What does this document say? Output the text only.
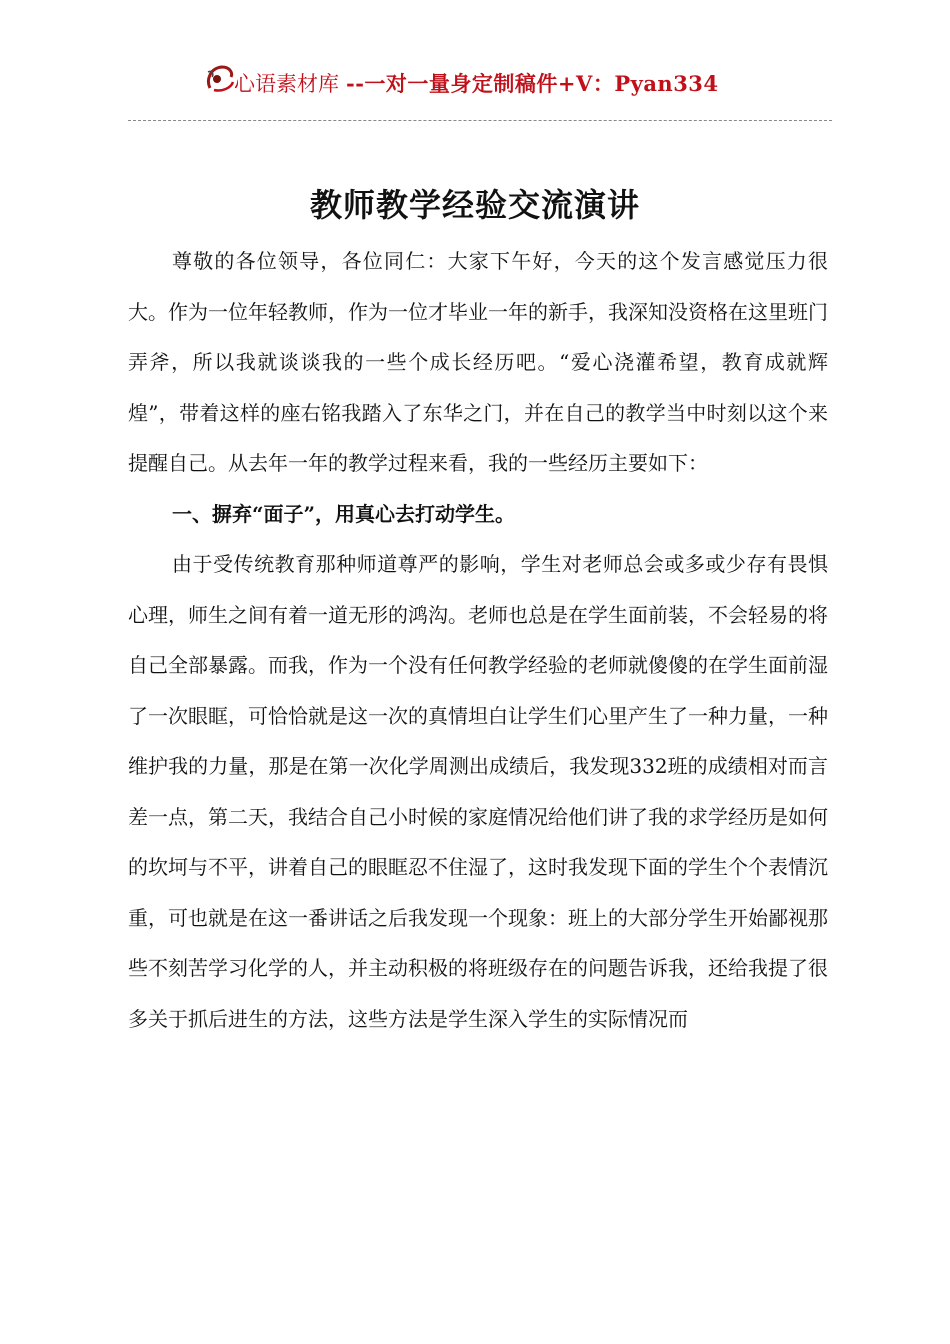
心语素材库 --一对一量身定制稿件+V：Pyan334
教师教学经验交流演讲

尊敬的各位领导，各位同仁：大家下午好，今天的这个发言感觉压力很大。作为一位年轻教师，作为一位才毕业一年的新手，我深知没资格在这里班门弄斧，所以我就谈谈我的一些个成长经历吧。“爱心浇灌希望，教育成就辉煌”，带着这样的座右铭我踏入了东华之门，并在自己的教学当中时刻以这个来提醒自己。从去年一年的教学过程来看，我的一些经历主要如下：

一、摒弃“面子”，用真心去打动学生。

由于受传统教育那种师道尊严的影响，学生对老师总会或多或少存有畏惧心理，师生之间有着一道无形的鸿沟。老师也总是在学生面前装，不会轻易的将自己全部暴露。而我，作为一个没有任何教学经验的老师就傻傻的在学生面前湿了一次眼眶，可恰恰就是这一次的真情坦白让学生们心里产生了一种力量，一种维护我的力量，那是在第一次化学周测出成绩后，我发现332班的成绩相对而言差一点，第二天，我结合自己小时候的家庭情况给他们讲了我的求学经历是如何的坎坷与不平，讲着自己的眼眶忍不住湿了，这时我发现下面的学生个个表情沉重，可也就是在这一番讲话之后我发现一个现象：班上的大部分学生开始鄙视那些不刻苦学习化学的人，并主动积极的将班级存在的问题告诉我，还给我提了很多关于抓后进生的方法，这些方法是学生深入学生的实际情况而
